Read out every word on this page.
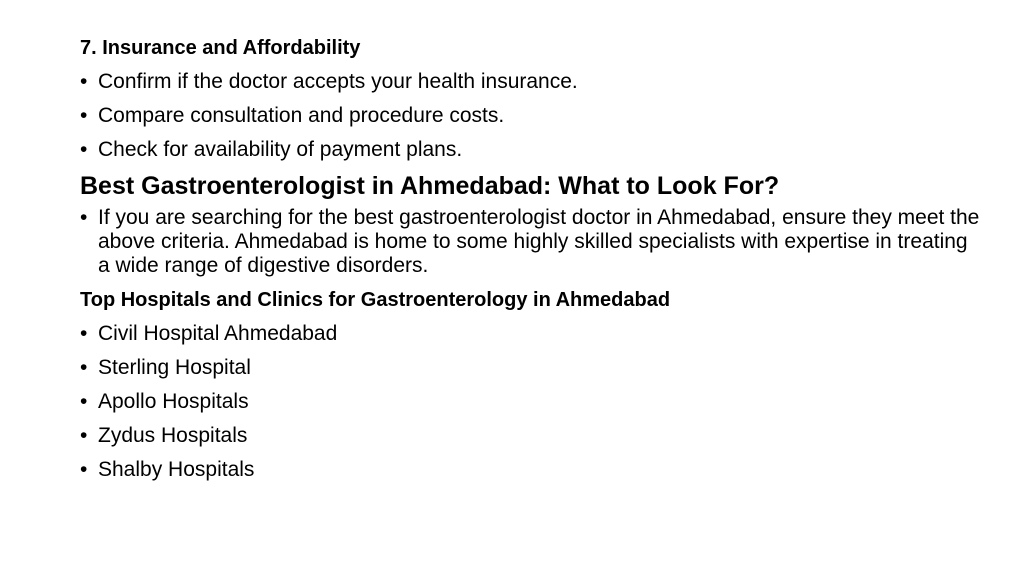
7. Insurance and Affordability
• Confirm if the doctor accepts your health insurance.
• Compare consultation and procedure costs.
• Check for availability of payment plans.
Best Gastroenterologist in Ahmedabad: What to Look For?
• If you are searching for the best gastroenterologist doctor in Ahmedabad, ensure they meet the above criteria. Ahmedabad is home to some highly skilled specialists with expertise in treating a wide range of digestive disorders.
Top Hospitals and Clinics for Gastroenterology in Ahmedabad
• Civil Hospital Ahmedabad
• Sterling Hospital
• Apollo Hospitals
• Zydus Hospitals
• Shalby Hospitals
